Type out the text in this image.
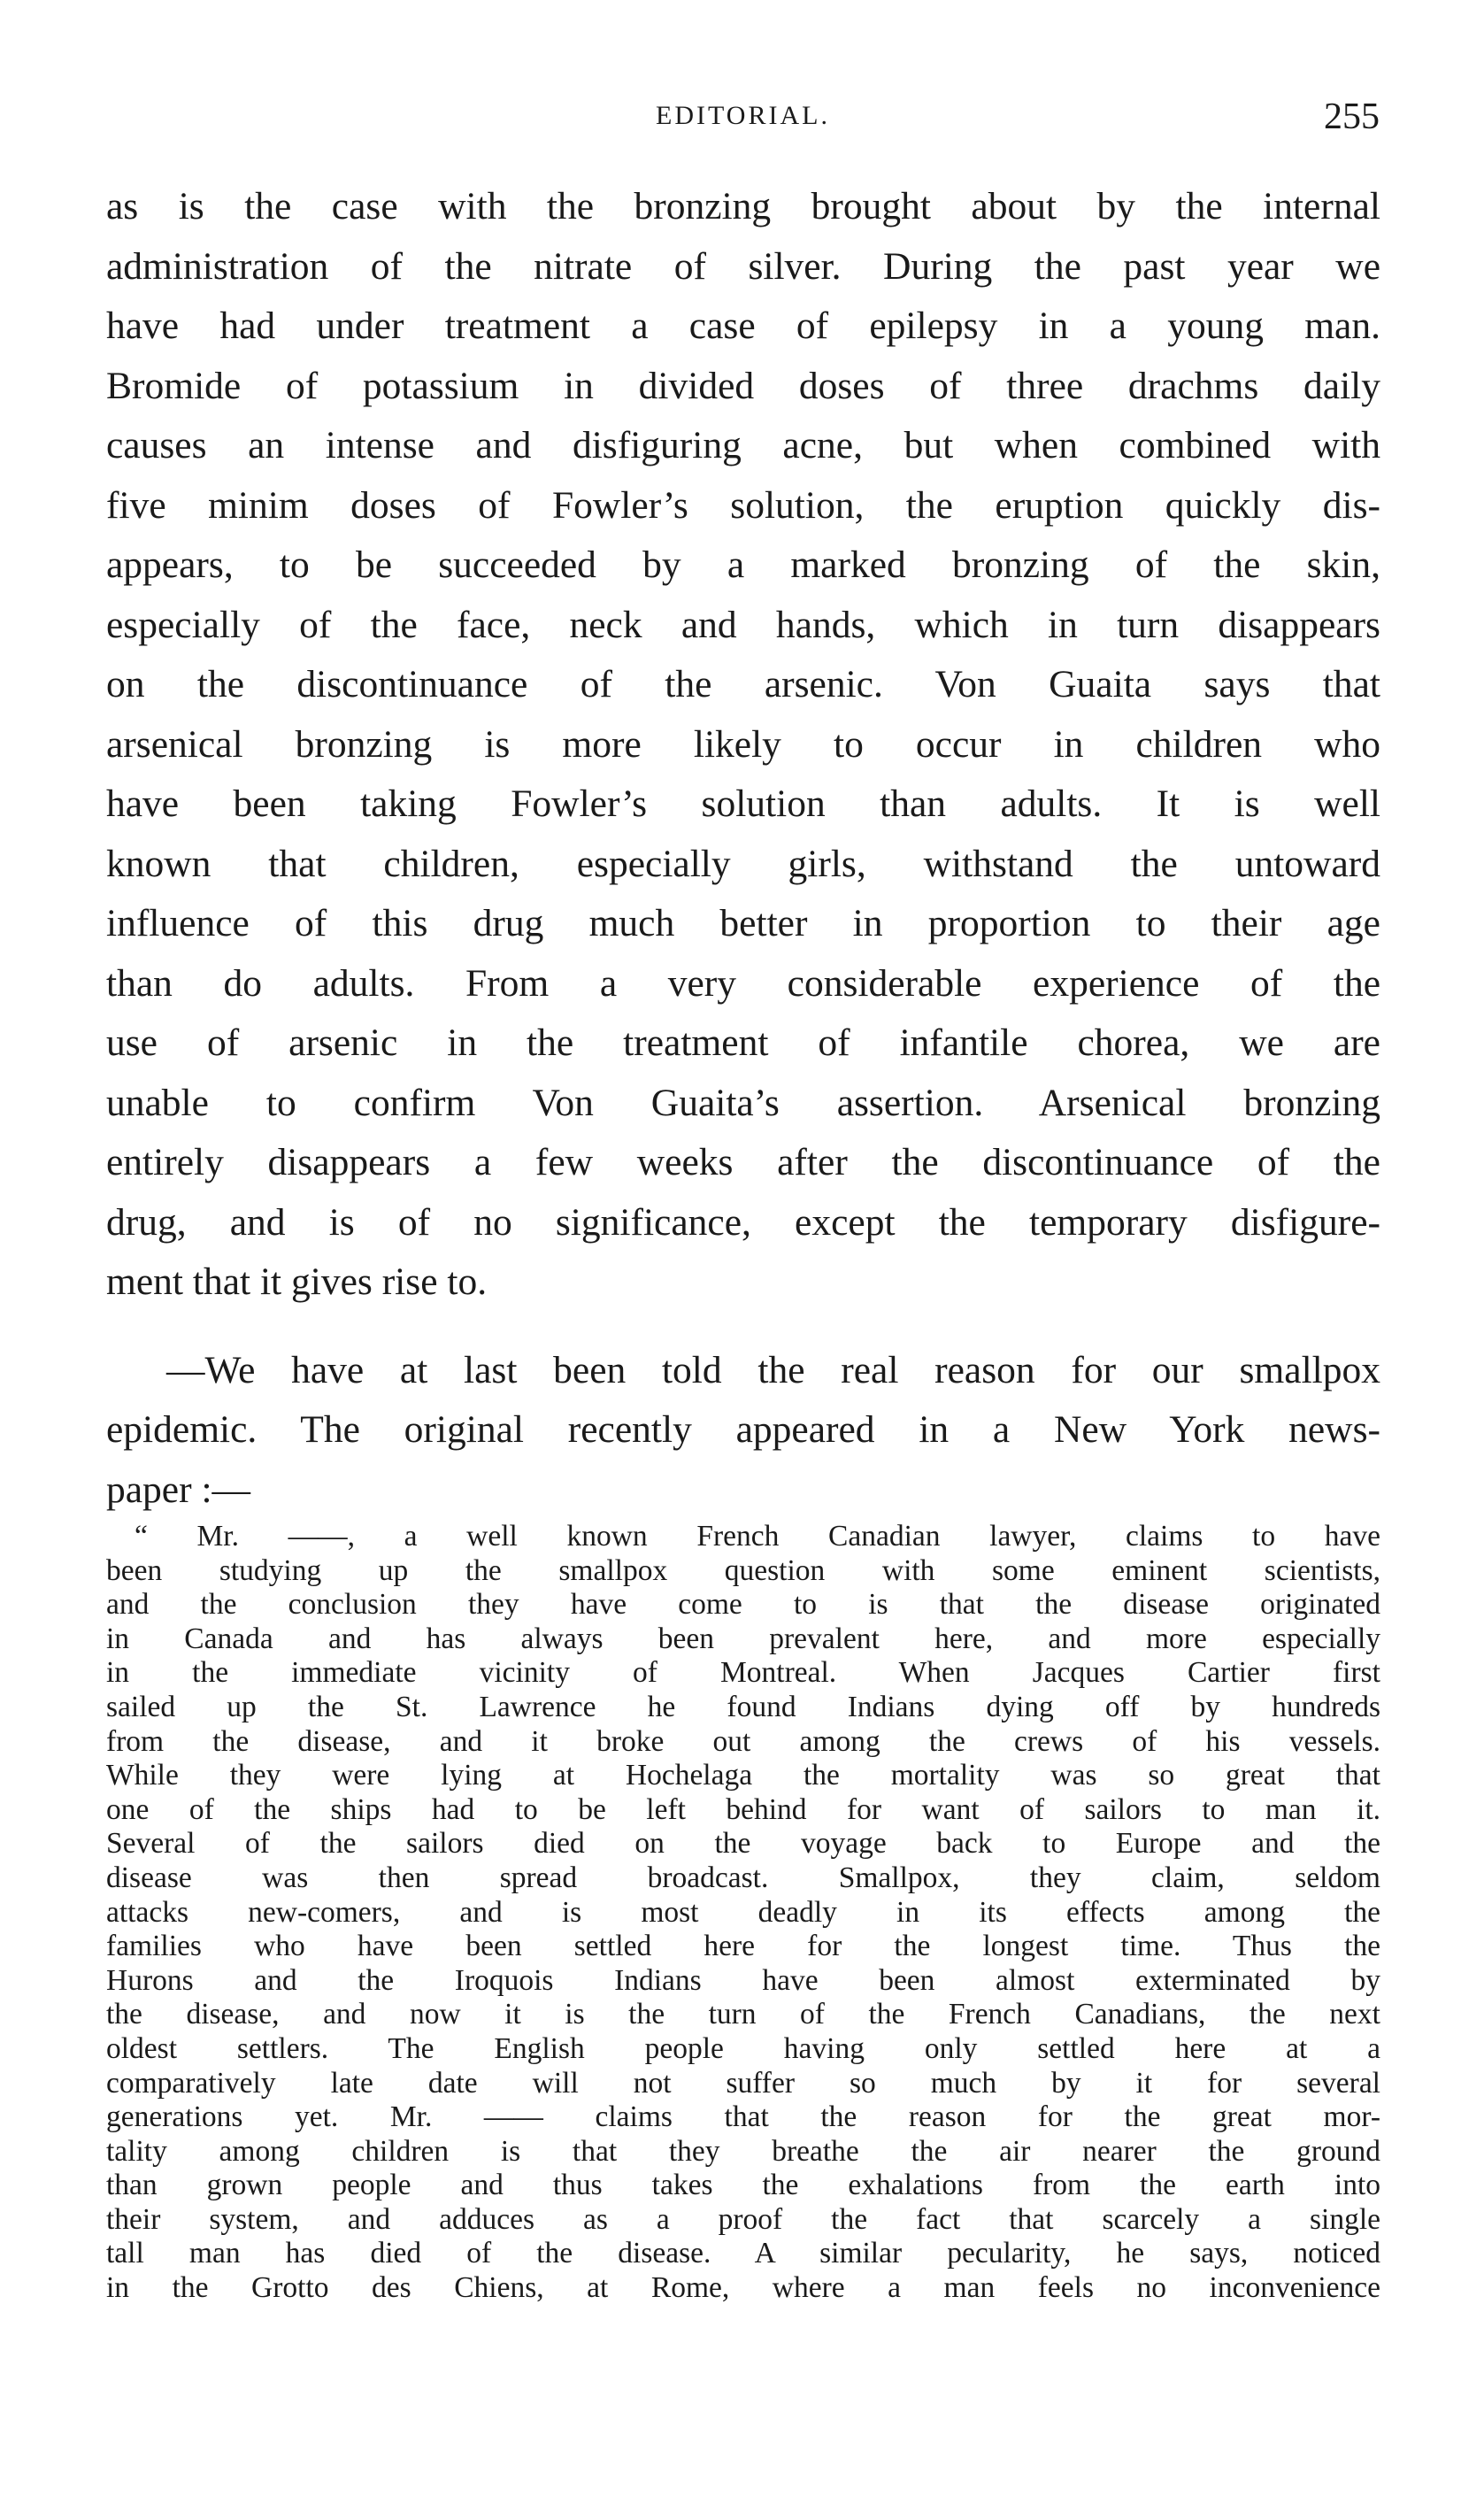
EDITORIAL.	255

as is the case with the bronzing brought about by the internal
administration of the nitrate of silver. During the past year we
have had under treatment a case of epilepsy in a young man.
Bromide of potassium in divided doses of three drachms daily
causes an intense and disfiguring acne, but when combined with
five minim doses of Fowler’s solution, the eruption quickly dis-
appears, to be succeeded by a marked bronzing of the skin,
especially of the face, neck and hands, which in turn disappears
on the discontinuance of the arsenic. Von Guaita says that
arsenical bronzing is more likely to occur in children who
have been taking Fowler’s solution than adults. It is well
known that children, especially girls, withstand the untoward
influence of this drug much better in proportion to their age
than do adults. From a very considerable experience of the
use of arsenic in the treatment of infantile chorea, we are
unable to confirm Von Guaita’s assertion. Arsenical bronzing
entirely disappears a few weeks after the discontinuance of the
drug, and is of no significance, except the temporary disfigure-
ment that it gives rise to.

—We have at last been told the real reason for our smallpox
epidemic. The original recently appeared in a New York news-
paper :—

“ Mr. ——, a well known French Canadian lawyer, claims to have
been studying up the smallpox question with some eminent scientists,
and the conclusion they have come to is that the disease originated
in Canada and has always been prevalent here, and more especially
in the immediate vicinity of Montreal. When Jacques Cartier first
sailed up the St. Lawrence he found Indians dying off by hundreds
from the disease, and it broke out among the crews of his vessels.
While they were lying at Hochelaga the mortality was so great that
one of the ships had to be left behind for want of sailors to man it.
Several of the sailors died on the voyage back to Europe and the
disease was then spread broadcast. Smallpox, they claim, seldom
attacks new-comers, and is most deadly in its effects among the
families who have been settled here for the longest time. Thus the
Hurons and the Iroquois Indians have been almost exterminated by
the disease, and now it is the turn of the French Canadians, the next
oldest settlers. The English people having only settled here at a
comparatively late date will not suffer so much by it for several
generations yet. Mr. —— claims that the reason for the great mor-
tality among children is that they breathe the air nearer the ground
than grown people and thus takes the exhalations from the earth into
their system, and adduces as a proof the fact that scarcely a single
tall man has died of the disease. A similar pecularity, he says, noticed
in the Grotto des Chiens, at Rome, where a man feels no inconvenience
